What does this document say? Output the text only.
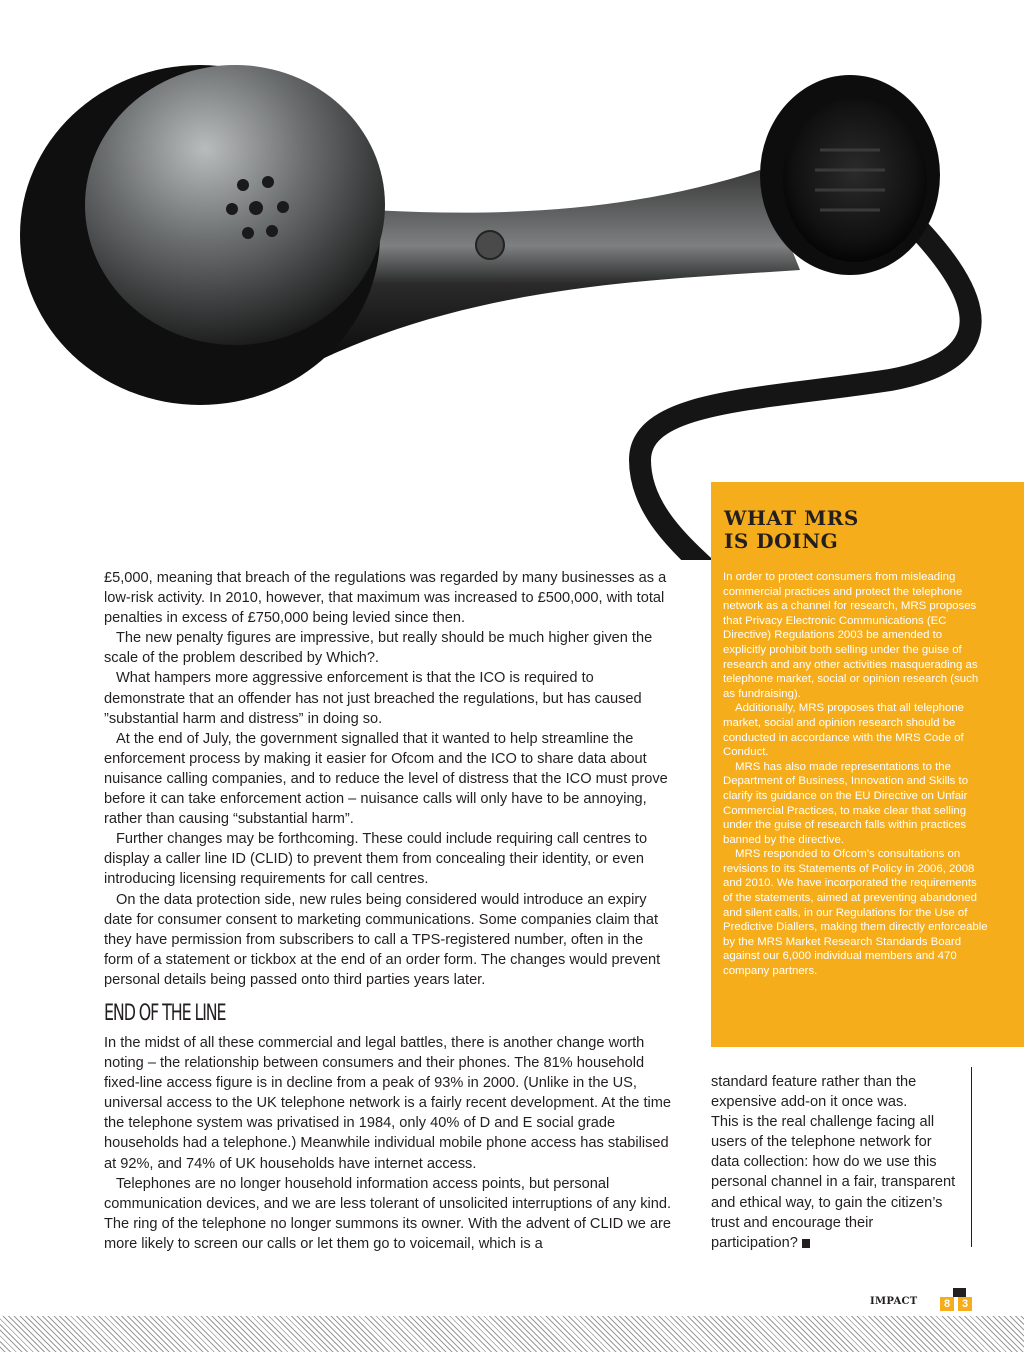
£5,000, meaning that breach of the regulations was regarded by many businesses as a low-risk activity. In 2010, however, that maximum was increased to £500,000, with total penalties in excess of £750,000 being levied since then.

The new penalty figures are impressive, but really should be much higher given the scale of the problem described by Which?.

What hampers more aggressive enforcement is that the ICO is required to demonstrate that an offender has not just breached the regulations, but has caused ”substantial harm and distress” in doing so.

At the end of July, the government signalled that it wanted to help streamline the enforcement process by making it easier for Ofcom and the ICO to share data about nuisance calling companies, and to reduce the level of distress that the ICO must prove before it can take enforcement action – nuisance calls will only have to be annoying, rather than causing “substantial harm”.

Further changes may be forthcoming. These could include requiring call centres to display a caller line ID (CLID) to prevent them from concealing their identity, or even introducing licensing requirements for call centres.

On the data protection side, new rules being considered would introduce an expiry date for consumer consent to marketing communications. Some companies claim that they have permission from subscribers to call a TPS-registered number, often in the form of a statement or tickbox at the end of an order form. The changes would prevent personal details being passed onto third parties years later.

END OF THE LINE

In the midst of all these commercial and legal battles, there is another change worth noting – the relationship between consumers and their phones. The 81% household fixed-line access figure is in decline from a peak of 93% in 2000. (Unlike in the US, universal access to the UK telephone network is a fairly recent development. At the time the telephone system was privatised in 1984, only 40% of D and E social grade households had a telephone.) Meanwhile individual mobile phone access has stabilised at 92%, and 74% of UK households have internet access.

Telephones are no longer household information access points, but personal communication devices, and we are less tolerant of unsolicited interruptions of any kind. The ring of the telephone no longer summons its owner. With the advent of CLID we are more likely to screen our calls or let them go to voicemail, which is a

WHAT MRS
IS DOING

In order to protect consumers from misleading commercial practices and protect the telephone network as a channel for research, MRS proposes that Privacy Electronic Communications (EC Directive) Regulations 2003 be amended to explicitly prohibit both selling under the guise of research and any other activities masquerading as telephone market, social or opinion research (such as fundraising).

Additionally, MRS proposes that all telephone market, social and opinion research should be conducted in accordance with the MRS Code of Conduct.

MRS has also made representations to the Department of Business, Innovation and Skills to clarify its guidance on the EU Directive on Unfair Commercial Practices, to make clear that selling under the guise of research falls within practices banned by the directive.

MRS responded to Ofcom’s consultations on revisions to its Statements of Policy in 2006, 2008 and 2010. We have incorporated the requirements of the statements, aimed at preventing abandoned and silent calls, in our Regulations for the Use of Predictive Diallers, making them directly enforceable by the MRS Market Research Standards Board against our 6,000 individual members and 470 company partners.

standard feature rather than the expensive add-on it once was.

This is the real challenge facing all users of the telephone network for data collection: how do we use this personal channel in a fair, transparent and ethical way, to gain the citizen’s trust and encourage their participation?

IMPACT	8	3
